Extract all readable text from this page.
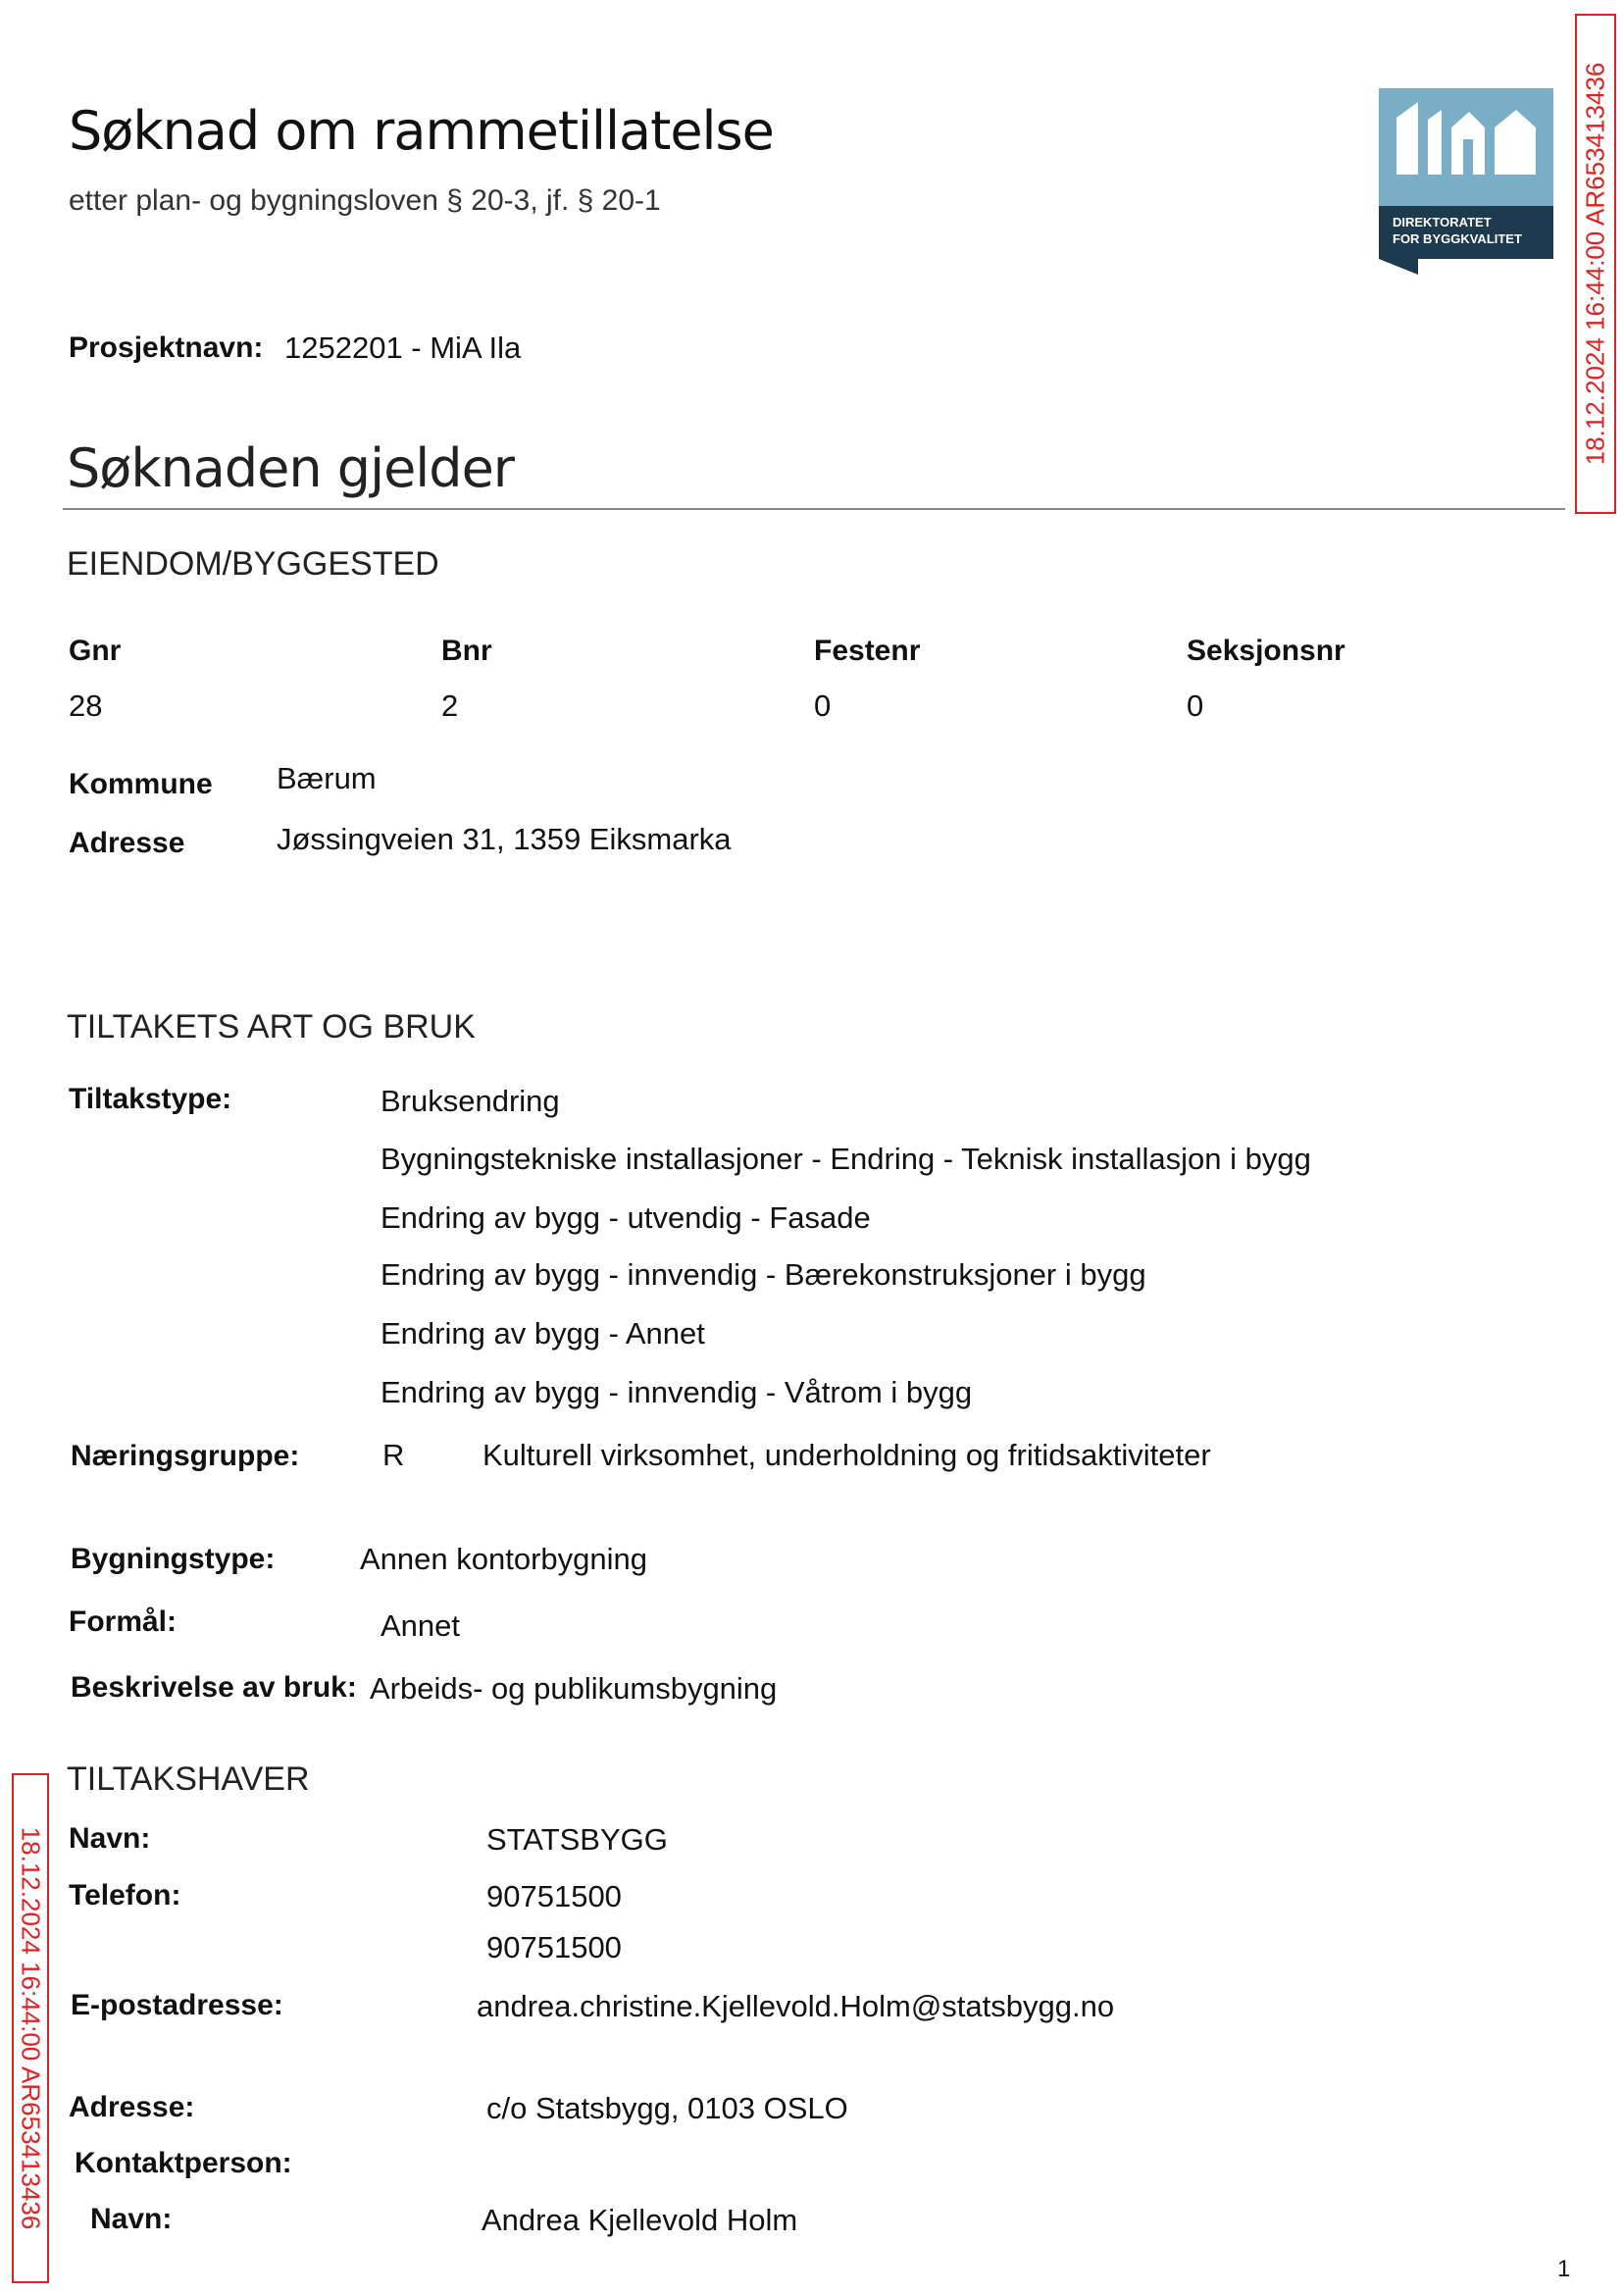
Søknad om rammetillatelse
etter plan- og bygningsloven § 20-3, jf. § 20-1
DIREKTORATET
FOR BYGGKVALITET 18.12.2024 16:44:00 AR653413436
18.12.2024 16:44:00 AR653413436
Prosjektnavn: 1252201 - MiA Ila
Søknaden gjelder
EIENDOM/BYGGESTED
Gnr	Bnr	Festenr	Seksjonsnr
28	2	0	0
Kommune Bærum
Adresse	Jøssingveien 31, 1359 Eiksmarka
TILTAKETS ART OG BRUK
Tiltakstype:	Bruksendring
Bygningstekniske installasjoner - Endring - Teknisk installasjon i bygg
Endring av bygg - utvendig - Fasade
Endring av bygg - innvendig - Bærekonstruksjoner i bygg
Endring av bygg - Annet
Endring av bygg - innvendig - Våtrom i bygg
Næringsgruppe:	R	Kulturell virksomhet, underholdning og fritidsaktiviteter
Bygningstype:	Annen kontorbygning
Formål:	Annet
Beskrivelse av bruk: Arbeids- og publikumsbygning
TILTAKSHAVER
Navn:	STATSBYGG
Telefon:	90751500
90751500
E-postadresse:	andrea.christine.Kjellevold.Holm@statsbygg.no
Adresse:	c/o Statsbygg, 0103 OSLO
Kontaktperson:
Navn:	Andrea Kjellevold Holm
1
